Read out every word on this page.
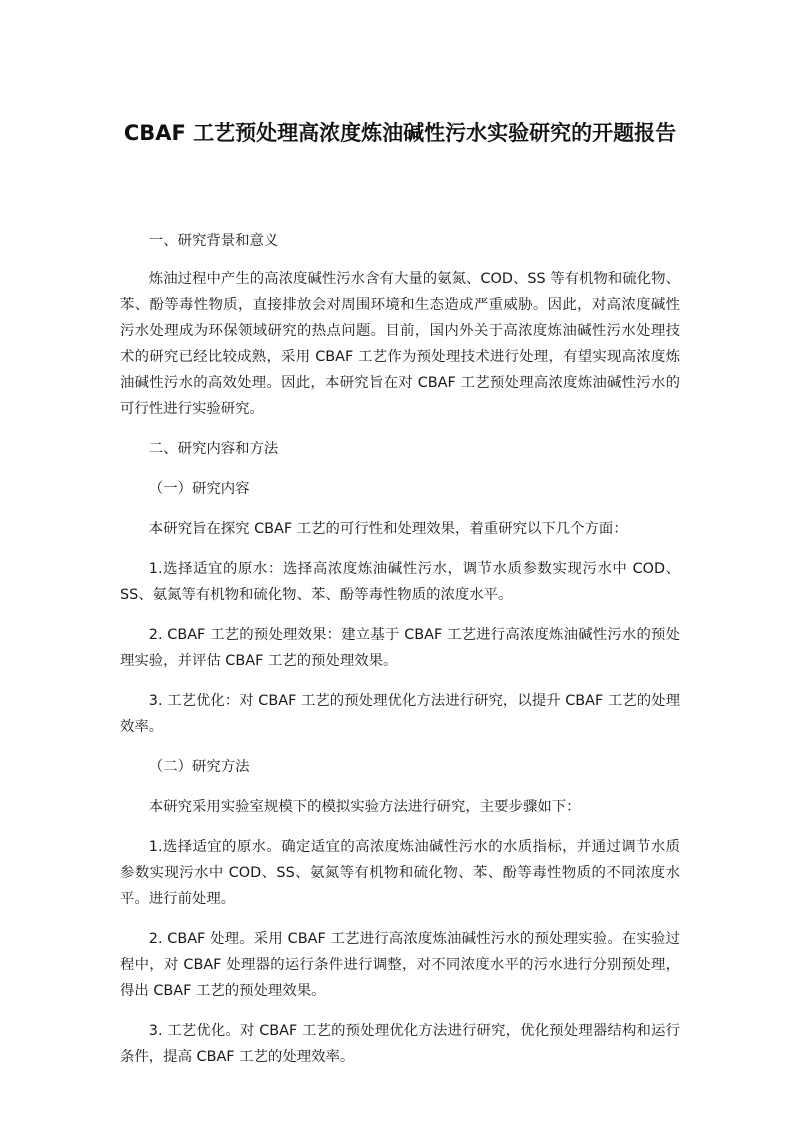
CBAF 工艺预处理高浓度炼油碱性污水实验研究的开题报告

一、研究背景和意义

炼油过程中产生的高浓度碱性污水含有大量的氨氮、COD、SS 等有机物和硫化物、苯、酚等毒性物质，直接排放会对周围环境和生态造成严重威胁。因此，对高浓度碱性污水处理成为环保领域研究的热点问题。目前，国内外关于高浓度炼油碱性污水处理技术的研究已经比较成熟，采用 CBAF 工艺作为预处理技术进行处理，有望实现高浓度炼油碱性污水的高效处理。因此，本研究旨在对 CBAF 工艺预处理高浓度炼油碱性污水的可行性进行实验研究。

二、研究内容和方法

（一）研究内容

本研究旨在探究 CBAF 工艺的可行性和处理效果，着重研究以下几个方面：

1.选择适宜的原水：选择高浓度炼油碱性污水，调节水质参数实现污水中 COD、SS、氨氮等有机物和硫化物、苯、酚等毒性物质的浓度水平。

2. CBAF 工艺的预处理效果：建立基于 CBAF 工艺进行高浓度炼油碱性污水的预处理实验，并评估 CBAF 工艺的预处理效果。

3. 工艺优化：对 CBAF 工艺的预处理优化方法进行研究，以提升 CBAF 工艺的处理效率。

（二）研究方法

本研究采用实验室规模下的模拟实验方法进行研究，主要步骤如下：

1.选择适宜的原水。确定适宜的高浓度炼油碱性污水的水质指标，并通过调节水质参数实现污水中 COD、SS、氨氮等有机物和硫化物、苯、酚等毒性物质的不同浓度水平。进行前处理。

2. CBAF 处理。采用 CBAF 工艺进行高浓度炼油碱性污水的预处理实验。在实验过程中，对 CBAF 处理器的运行条件进行调整，对不同浓度水平的污水进行分别预处理，得出 CBAF 工艺的预处理效果。

3. 工艺优化。对 CBAF 工艺的预处理优化方法进行研究，优化预处理器结构和运行条件，提高 CBAF 工艺的处理效率。
